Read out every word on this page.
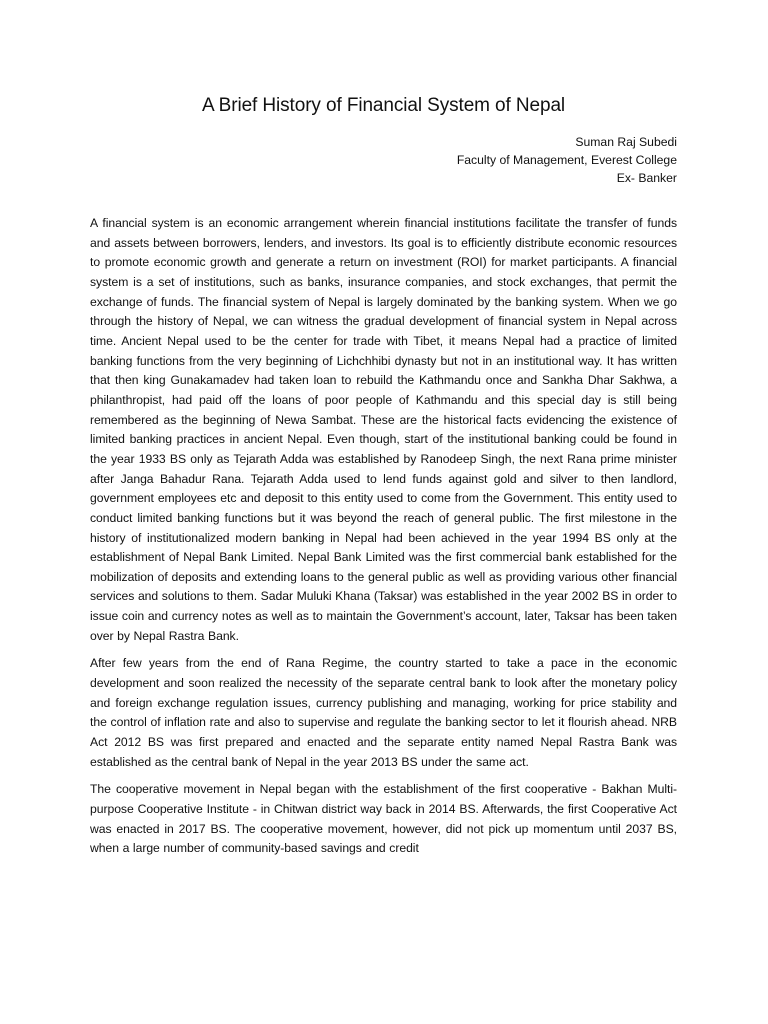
A Brief History of Financial System of Nepal
Suman Raj Subedi
Faculty of Management, Everest College
Ex- Banker

A financial system is an economic arrangement wherein financial institutions facilitate the transfer of funds and assets between borrowers, lenders, and investors. Its goal is to efficiently distribute economic resources to promote economic growth and generate a return on investment (ROI) for market participants. A financial system is a set of institutions, such as banks, insurance companies, and stock exchanges, that permit the exchange of funds. The financial system of Nepal is largely dominated by the banking system. When we go through the history of Nepal, we can witness the gradual development of financial system in Nepal across time. Ancient Nepal used to be the center for trade with Tibet, it means Nepal had a practice of limited banking functions from the very beginning of Lichchhibi dynasty but not in an institutional way. It has written that then king Gunakamadev had taken loan to rebuild the Kathmandu once and Sankha Dhar Sakhwa, a philanthropist, had paid off the loans of poor people of Kathmandu and this special day is still being remembered as the beginning of Newa Sambat. These are the historical facts evidencing the existence of limited banking practices in ancient Nepal. Even though, start of the institutional banking could be found in the year 1933 BS only as Tejarath Adda was established by Ranodeep Singh, the next Rana prime minister after Janga Bahadur Rana. Tejarath Adda used to lend funds against gold and silver to then landlord, government employees etc and deposit to this entity used to come from the Government. This entity used to conduct limited banking functions but it was beyond the reach of general public. The first milestone in the history of institutionalized modern banking in Nepal had been achieved in the year 1994 BS only at the establishment of Nepal Bank Limited. Nepal Bank Limited was the first commercial bank established for the mobilization of deposits and extending loans to the general public as well as providing various other financial services and solutions to them. Sadar Muluki Khana (Taksar) was established in the year 2002 BS in order to issue coin and currency notes as well as to maintain the Government’s account, later, Taksar has been taken over by Nepal Rastra Bank.

After few years from the end of Rana Regime, the country started to take a pace in the economic development and soon realized the necessity of the separate central bank to look after the monetary policy and foreign exchange regulation issues, currency publishing and managing, working for price stability and the control of inflation rate and also to supervise and regulate the banking sector to let it flourish ahead. NRB Act 2012 BS was first prepared and enacted and the separate entity named Nepal Rastra Bank was established as the central bank of Nepal in the year 2013 BS under the same act.

The cooperative movement in Nepal began with the establishment of the first cooperative - Bakhan Multi-purpose Cooperative Institute - in Chitwan district way back in 2014 BS. Afterwards, the first Cooperative Act was enacted in 2017 BS. The cooperative movement, however, did not pick up momentum until 2037 BS, when a large number of community-based savings and credit
